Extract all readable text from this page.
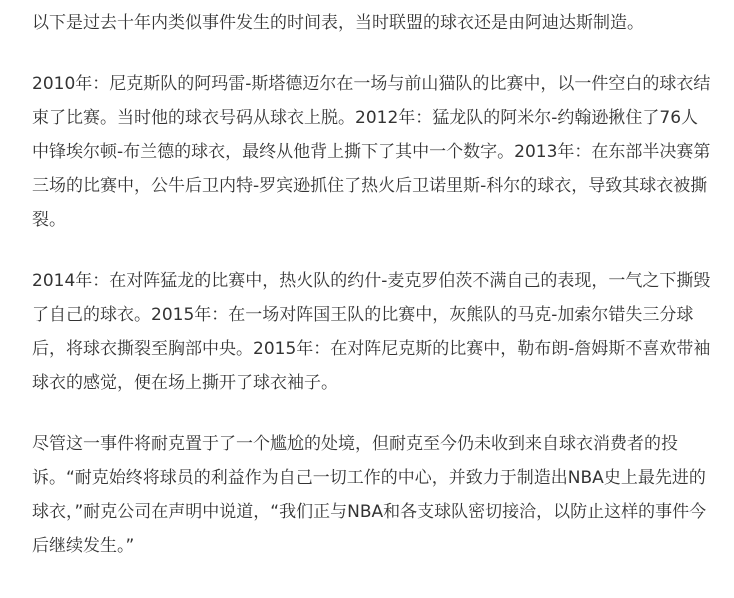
以下是过去十年内类似事件发生的时间表，当时联盟的球衣还是由阿迪达斯制造。

2010年：尼克斯队的阿玛雷-斯塔德迈尔在一场与前山猫队的比赛中，以一件空白的球衣结束了比赛。当时他的球衣号码从球衣上脱。2012年：猛龙队的阿米尔-约翰逊揪住了76人中锋埃尔顿-布兰德的球衣，最终从他背上撕下了其中一个数字。2013年：在东部半决赛第三场的比赛中，公牛后卫内特-罗宾逊抓住了热火后卫诺里斯-科尔的球衣，导致其球衣被撕裂。

2014年：在对阵猛龙的比赛中，热火队的约什-麦克罗伯茨不满自己的表现，一气之下撕毁了自己的球衣。2015年：在一场对阵国王队的比赛中，灰熊队的马克-加索尔错失三分球后，将球衣撕裂至胸部中央。2015年：在对阵尼克斯的比赛中，勒布朗-詹姆斯不喜欢带袖球衣的感觉，便在场上撕开了球衣袖子。

尽管这一事件将耐克置于了一个尴尬的处境，但耐克至今仍未收到来自球衣消费者的投诉。“耐克始终将球员的利益作为自己一切工作的中心，并致力于制造出NBA史上最先进的球衣，”耐克公司在声明中说道，“我们正与NBA和各支球队密切接洽，以防止这样的事件今后继续发生。”
